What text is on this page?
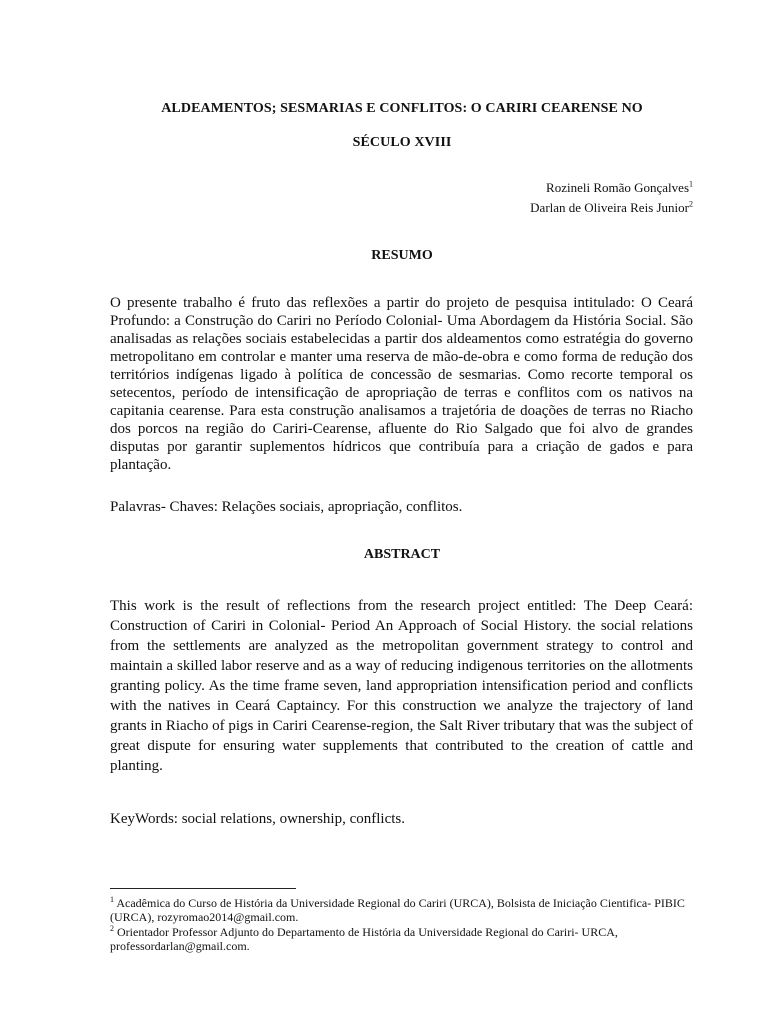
ALDEAMENTOS; SESMARIAS E CONFLITOS: O CARIRI CEARENSE NO
SÉCULO XVIII
Rozineli Romão Gonçalves$^1$
Darlan de Oliveira Reis Junior$^2$
RESUMO

O presente trabalho é fruto das reflexões a partir do projeto de pesquisa intitulado: O Ceará Profundo: a Construção do Cariri no Período Colonial- Uma Abordagem da História Social. São analisadas as relações sociais estabelecidas a partir dos aldeamentos como estratégia do governo metropolitano em controlar e manter uma reserva de mão-de-obra e como forma de redução dos territórios indígenas ligado à política de concessão de sesmarias. Como recorte temporal os setecentos, período de intensificação de apropriação de terras e conflitos com os nativos na capitania cearense. Para esta construção analisamos a trajetória de doações de terras no Riacho dos porcos na região do Cariri-Cearense, afluente do Rio Salgado que foi alvo de grandes disputas por garantir suplementos hídricos que contribuía para a criação de gados e para plantação.

Palavras- Chaves: Relações sociais, apropriação, conflitos.
ABSTRACT

This work is the result of reflections from the research project entitled: The Deep Ceará: Construction of Cariri in Colonial- Period An Approach of Social History. the social relations from the settlements are analyzed as the metropolitan government strategy to control and maintain a skilled labor reserve and as a way of reducing indigenous territories on the allotments granting policy. As the time frame seven, land appropriation intensification period and conflicts with the natives in Ceará Captaincy. For this construction we analyze the trajectory of land grants in Riacho of pigs in Cariri Cearense-region, the Salt River tributary that was the subject of great dispute for ensuring water supplements that contributed to the creation of cattle and planting.

KeyWords: social relations, ownership, conflicts.
$^1$ Acadêmica do Curso de História da Universidade Regional do Cariri (URCA), Bolsista de Iniciação Cientifica- PIBIC (URCA), rozyromao2014@gmail.com.
$^2$ Orientador Professor Adjunto do Departamento de História da Universidade Regional do Cariri- URCA, professordarlan@gmail.com.
